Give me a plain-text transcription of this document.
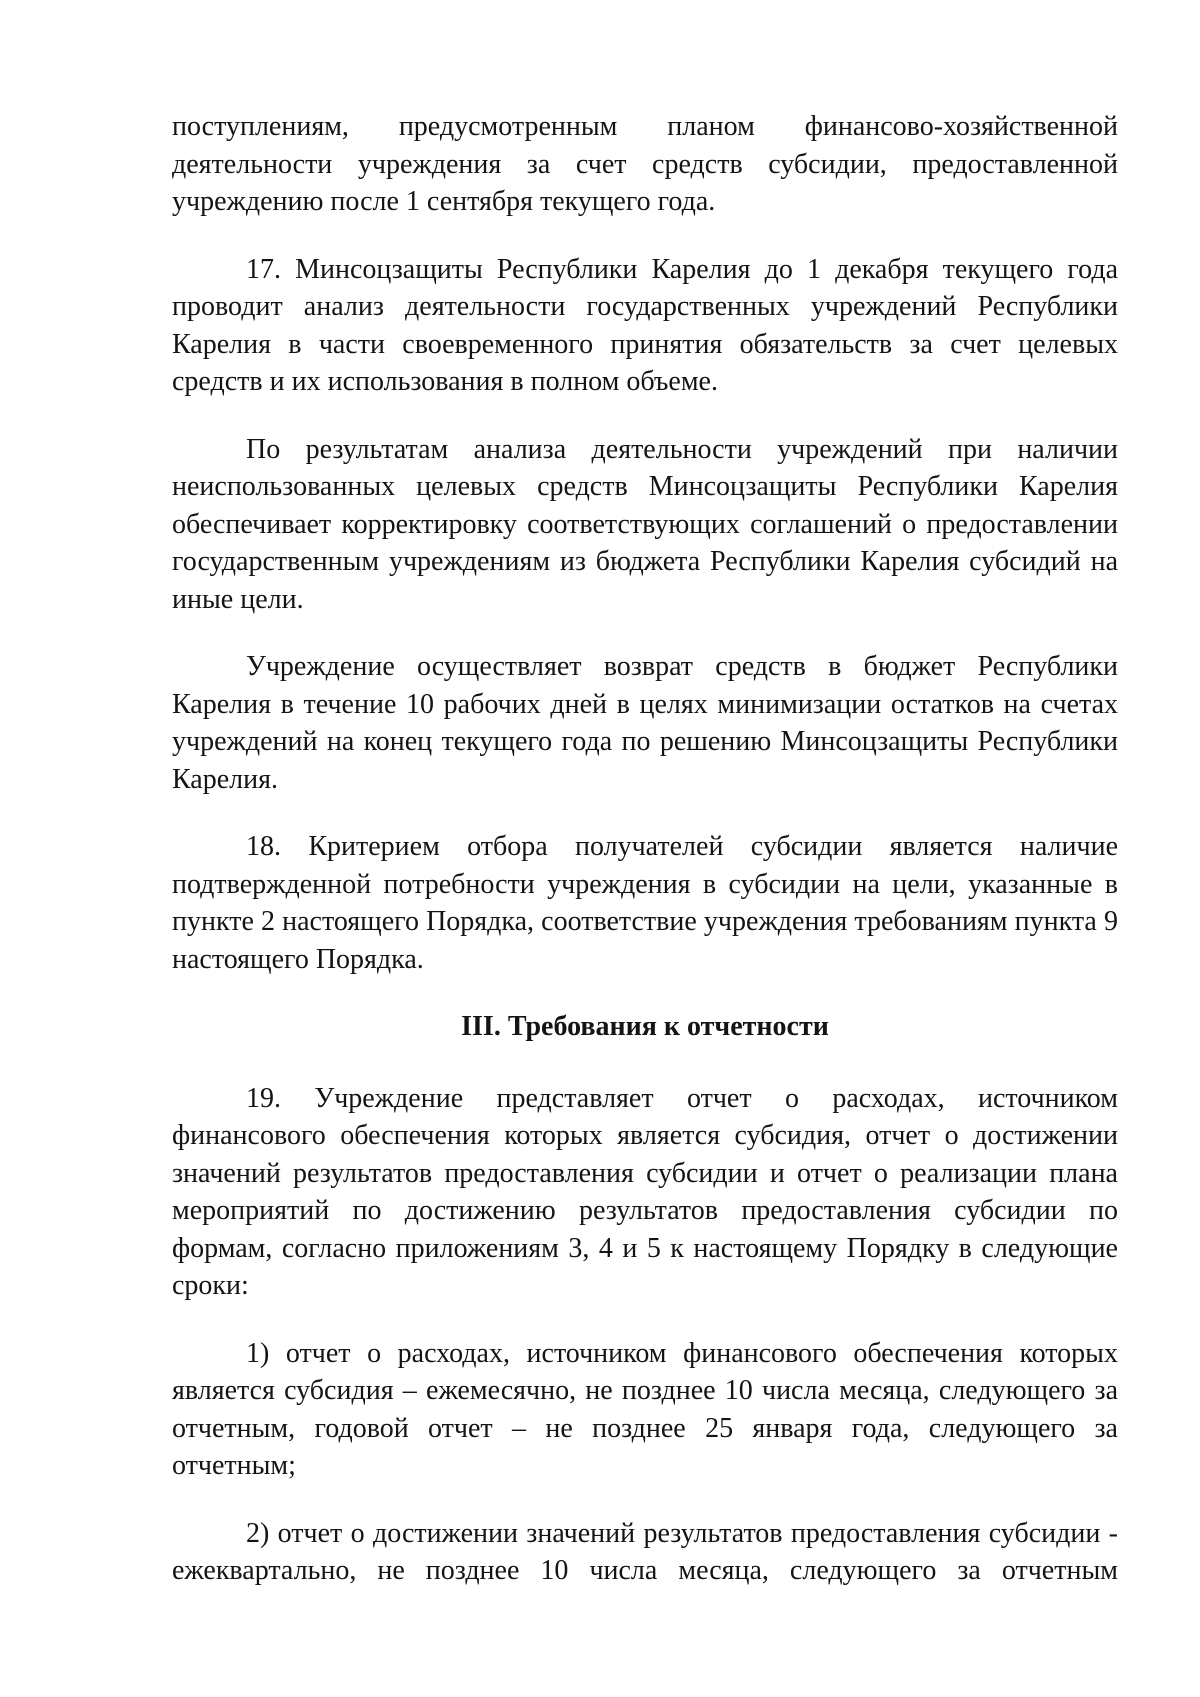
поступлениям, предусмотренным планом финансово-хозяйственной деятельности учреждения за счет средств субсидии, предоставленной учреждению после 1 сентября текущего года.

17. Минсоцзащиты Республики Карелия до 1 декабря текущего года проводит анализ деятельности государственных учреждений Республики Карелия в части своевременного принятия обязательств за счет целевых средств и их использования в полном объеме.

По результатам анализа деятельности учреждений при наличии неиспользованных целевых средств Минсоцзащиты Республики Карелия обеспечивает корректировку соответствующих соглашений о предоставлении государственным учреждениям из бюджета Республики Карелия субсидий на иные цели.

Учреждение осуществляет возврат средств в бюджет Республики Карелия в течение 10 рабочих дней в целях минимизации остатков на счетах учреждений на конец текущего года по решению Минсоцзащиты Республики Карелия.

18. Критерием отбора получателей субсидии является наличие подтвержденной потребности учреждения в субсидии на цели, указанные в пункте 2 настоящего Порядка, соответствие учреждения требованиям пункта 9 настоящего Порядка.

III. Требования к отчетности

19. Учреждение представляет отчет о расходах, источником финансового обеспечения которых является субсидия, отчет о достижении значений результатов предоставления субсидии и отчет о реализации плана мероприятий по достижению результатов предоставления субсидии по формам, согласно приложениям 3, 4 и 5 к настоящему Порядку в следующие сроки:

1) отчет о расходах, источником финансового обеспечения которых является субсидия – ежемесячно, не позднее 10 числа месяца, следующего за отчетным, годовой отчет – не позднее 25 января года, следующего за отчетным;

2) отчет о достижении значений результатов предоставления субсидии - ежеквартально, не позднее 10 числа месяца, следующего за отчетным
